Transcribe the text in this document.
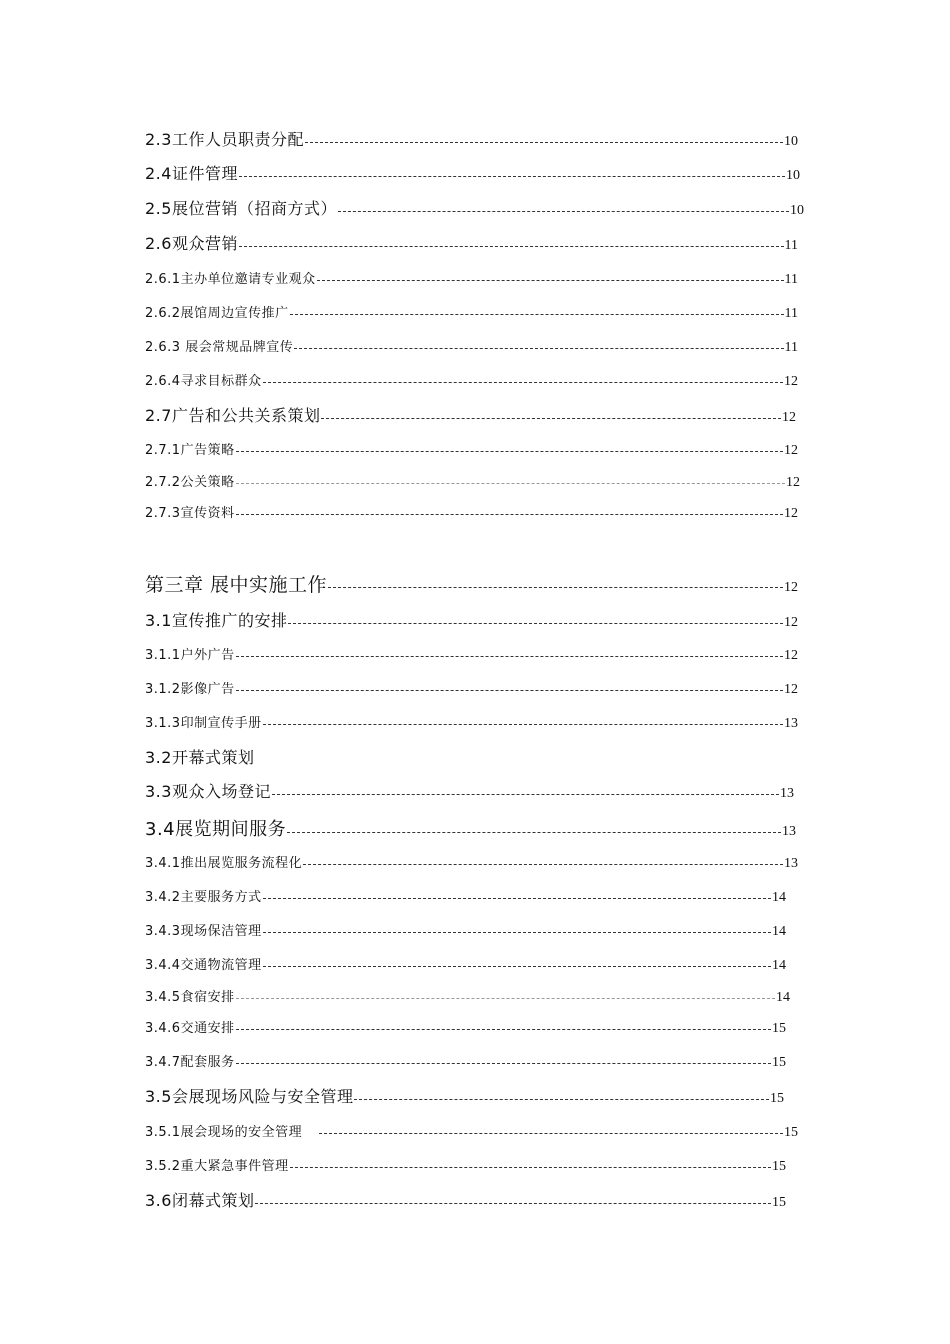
2.3工作人员职责分配	10
2.4证件管理	10
2.5展位营销（招商方式）	10
2.6观众营销	11
2.6.1主办单位邀请专业观众	11
2.6.2展馆周边宣传推广	11
2.6.3 展会常规品牌宣传	11
2.6.4寻求目标群众	12
2.7广告和公共关系策划	12
2.7.1广告策略	12
2.7.2公关策略	12
2.7.3宣传资料	12
第三章 展中实施工作	12
3.1宣传推广的安排	12
3.1.1户外广告	12
3.1.2影像广告	12
3.1.3印制宣传手册	13
3.2开幕式策划
3.3观众入场登记	13
3.4展览期间服务	13
3.4.1推出展览服务流程化	13
3.4.2主要服务方式	14
3.4.3现场保洁管理	14
3.4.4交通物流管理	14
3.4.5食宿安排	14
3.4.6交通安排	15
3.4.7配套服务	15
3.5会展现场风险与安全管理	15
3.5.1展会现场的安全管理	15
3.5.2重大紧急事件管理	15
3.6闭幕式策划	15
